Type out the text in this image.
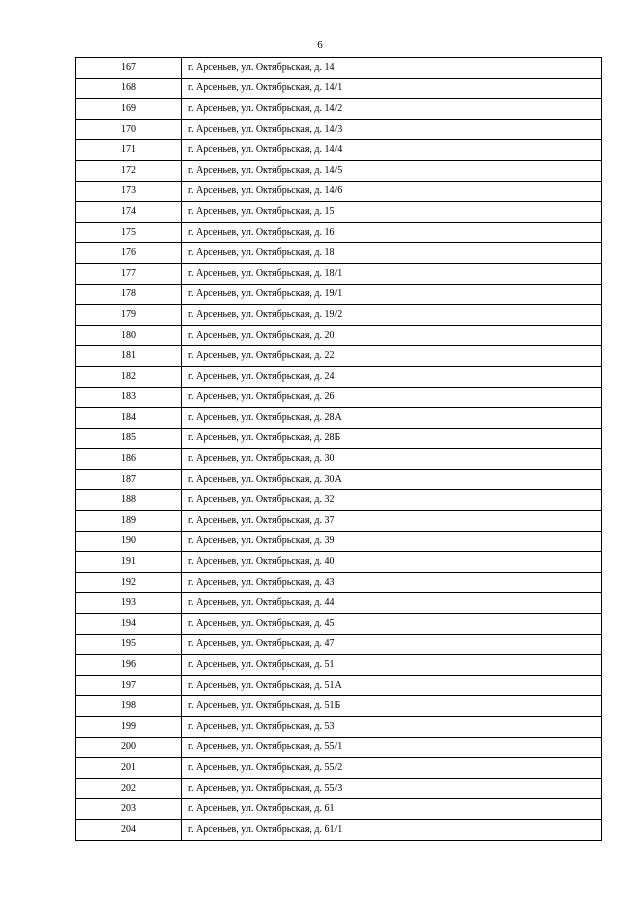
6
167	г. Арсеньев, ул. Октябрьская, д. 14
168	г. Арсеньев, ул. Октябрьская, д. 14/1
169	г. Арсеньев, ул. Октябрьская, д. 14/2
170	г. Арсеньев, ул. Октябрьская, д. 14/3
171	г. Арсеньев, ул. Октябрьская, д. 14/4
172	г. Арсеньев, ул. Октябрьская, д. 14/5
173	г. Арсеньев, ул. Октябрьская, д. 14/6
174	г. Арсеньев, ул. Октябрьская, д. 15
175	г. Арсеньев, ул. Октябрьская, д. 16
176	г. Арсеньев, ул. Октябрьская, д. 18
177	г. Арсеньев, ул. Октябрьская, д. 18/1
178	г. Арсеньев, ул. Октябрьская, д. 19/1
179	г. Арсеньев, ул. Октябрьская, д. 19/2
180	г. Арсеньев, ул. Октябрьская, д. 20
181	г. Арсеньев, ул. Октябрьская, д. 22
182	г. Арсеньев, ул. Октябрьская, д. 24
183	г. Арсеньев, ул. Октябрьская, д. 26
184	г. Арсеньев, ул. Октябрьская, д. 28А
185	г. Арсеньев, ул. Октябрьская, д. 28Б
186	г. Арсеньев, ул. Октябрьская, д. 30
187	г. Арсеньев, ул. Октябрьская, д. 30А
188	г. Арсеньев, ул. Октябрьская, д. 32
189	г. Арсеньев, ул. Октябрьская, д. 37
190	г. Арсеньев, ул. Октябрьская, д. 39
191	г. Арсеньев, ул. Октябрьская, д. 40
192	г. Арсеньев, ул. Октябрьская, д. 43
193	г. Арсеньев, ул. Октябрьская, д. 44
194	г. Арсеньев, ул. Октябрьская, д. 45
195	г. Арсеньев, ул. Октябрьская, д. 47
196	г. Арсеньев, ул. Октябрьская, д. 51
197	г. Арсеньев, ул. Октябрьская, д. 51А
198	г. Арсеньев, ул. Октябрьская, д. 51Б
199	г. Арсеньев, ул. Октябрьская, д. 53
200	г. Арсеньев, ул. Октябрьская, д. 55/1
201	г. Арсеньев, ул. Октябрьская, д. 55/2
202	г. Арсеньев, ул. Октябрьская, д. 55/3
203	г. Арсеньев, ул. Октябрьская, д. 61
204	г. Арсеньев, ул. Октябрьская, д. 61/1
